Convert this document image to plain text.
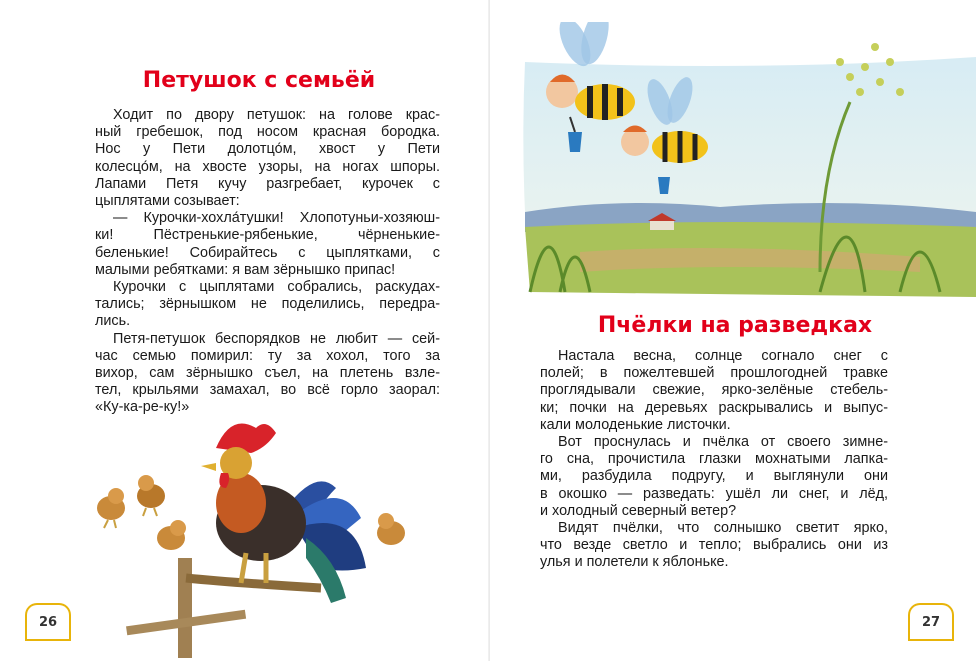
Петушок с семьёй
Ходит по двору петушок: на голове крас-
ный гребешок, под носом красная бородка.
Нос у Пети долотцо́м, хвост у Пети
колесцо́м, на хвосте узоры, на ногах шпоры.
Лапами Петя кучу разгребает, курочек с
цыплятами созывает:
— Курочки-хохла́тушки! Хлопотуньи-хозяюш-
ки! Пёстренькие-рябенькие, чёрненькие-
беленькие! Собирайтесь с цыплятками, с
малыми ребятками: я вам зёрнышко припас!
Курочки с цыплятами собрались, раскудах-
тались; зёрнышком не поделились, передра-
лись.
Петя-петушок беспорядков не любит — сей-
час семью помирил: ту за хохол, того за
вихор, сам зёрнышко съел, на плетень взле-
тел, крыльями замахал, во всё горло заорал:
«Ку-ка-ре-ку!»
26
Пчёлки на разведках
Настала весна, солнце согнало снег с
полей; в пожелтевшей прошлогодней травке
проглядывали свежие, ярко-зелёные стебель-
ки; почки на деревьях раскрывались и выпус-
кали молоденькие листочки.
Вот проснулась и пчёлка от своего зимне-
го сна, прочистила глазки мохнатыми лапка-
ми, разбудила подругу, и выглянули они
в окошко — разведать: ушёл ли снег, и лёд,
и холодный северный ветер?
Видят пчёлки, что солнышко светит ярко,
что везде светло и тепло; выбрались они из
улья и полетели к яблоньке.
27
